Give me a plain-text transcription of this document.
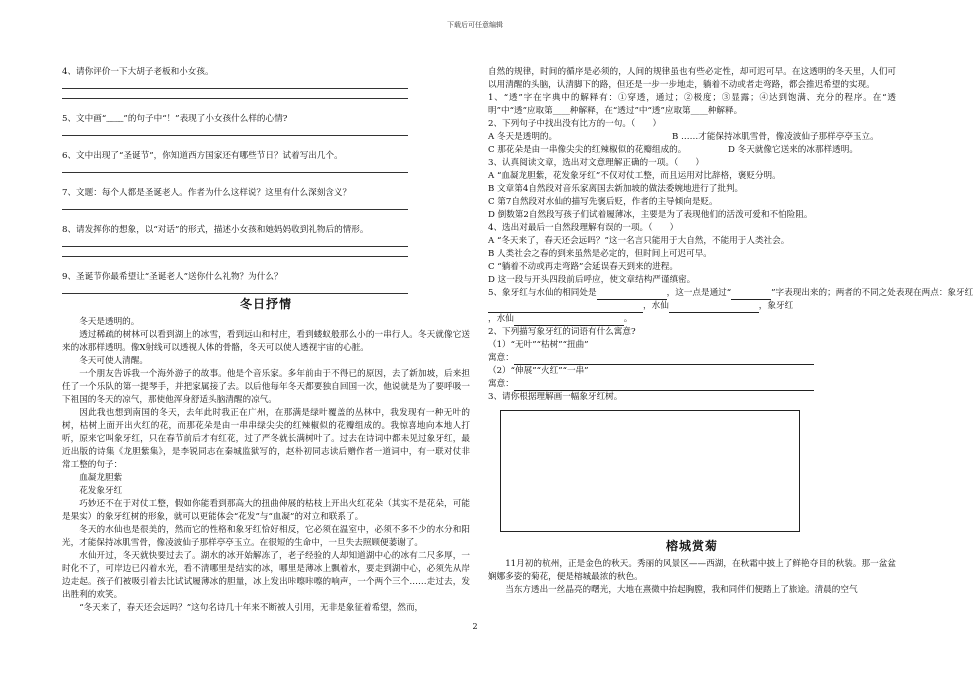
下载后可任意编辑

4、请你评价一下大胡子老板和小女孩。

5、文中画“﹏﹏”的句子中“！”表现了小女孩什么样的心情?

6、文中出现了“圣诞节”，你知道西方国家还有哪些节日？试着写出几个。

7、文题：每个人都是圣诞老人。作者为什么这样说？这里有什么深刻含义？

8、请发挥你的想象，以“对话”的形式，描述小女孩和她妈妈收到礼物后的情形。

9、圣诞节你最希望让“圣诞老人”送你什么礼物？为什么？

冬日抒情

冬天是透明的。

透过稀疏的树林可以看到湖上的冰雪，看到远山和村庄，看到蝼蚁般那么小的一串行人。冬天就像它送来的冰那样透明。像X射线可以透视人体的骨骼，冬天可以使人透视宇宙的心脏。

冬天可使人清醒。

一个朋友告诉我一个海外游子的故事。他是个音乐家。多年前由于不得已的原因，去了新加坡，后来担任了一个乐队的第一提琴手，并把家属接了去。以后他每年冬天都要独自回国一次，他说就是为了要呼吸一下祖国的冬天的凉气，那使他浑身舒适头脑清醒的凉气。

因此我也想到南国的冬天，去年此时我正在广州，在那满是绿叶覆盖的丛林中，我发现有一种无叶的树，枯树上面开出火红的花，而那花朵是由一串串绿尖尖的红辣椒似的花瓣组成的。我惊喜地向本地人打听，原来它叫象牙红，只在春节前后才有红花，过了严冬就长满树叶了。过去在诗词中都未见过象牙红，最近出版的诗集《龙胆紫集》，是李锐同志在秦城监狱写的，赵朴初同志读后赠作者一道词中，有一联对仗非常工整的句子：

血凝龙胆紫

花发象牙红

巧妙还不在于对仗工整，假如你能看到那高大的扭曲伸展的枯枝上开出火红花朵（其实不是花朵，可能是果实）的象牙红树的形象，就可以更能体会“花发”与“血凝”的对立和联系了。

冬天的水仙也是很美的，然而它的性格和象牙红恰好相反，它必须在温室中，必须不多不少的水分和阳光，才能保持冰肌雪骨，像凌波仙子那样亭亭玉立。在很短的生命中，一旦失去照顾便萎谢了。

水仙开过，冬天就快要过去了。湖水的冰开始解冻了，老子经验的人却知道湖中心的冰有二尺多厚，一时化不了，可岸边已闪着水光，看不清哪里是结实的冰，哪里是薄冰上飘着水，要走到湖中心，必须先从岸边走起。孩子们被吸引着去比试试履薄冰的胆量，冰上发出咔嚓咔嚓的响声，一个两个三个……走过去，发出胜利的欢笑。

“冬天来了，春天还会远吗？”这句名诗几十年来不断被人引用，无非是象征着希望，然而，

自然的规律，时间的循序是必须的，人间的规律虽也有些必定性，却可迟可早。在这透明的冬天里，人们可以用清醒的头脑，认清脚下的路，但还是一步一步地走，躺着不动或者走弯路，都会推迟希望的实现。

1、“透”字在字典中的解释有：①穿透，通过；②极度；③显露；④达到饱满、充分的程序。在“透明”中“透”应取第____种解释，在“透过”中“透”应取第____种解释。

2、下列句子中找出没有比方的一句。（　　）

A 冬天是透明的。	B ……才能保持冰肌雪骨，像凌波仙子那样亭亭玉立。
C 那花朵是由一串像尖尖的红辣椒似的花瓣组成的。	D 冬天就像它送来的冰那样透明。

3、认真阅读文章，选出对文意理解正确的一项。（　　）

A “血凝龙胆紫，花发象牙红”不仅对仗工整，而且运用对比辞格，褒贬分明。

B 文章第4自然段对音乐家离国去新加坡的做法委婉地进行了批判。

C 第7自然段对水仙的描写先褒后贬，作者的主导倾向是贬。

D 倒数第2自然段写孩子们试着履薄冰，主要是为了表现他们的活泼可爱和不怕险阻。

4、选出对最后一自然段理解有误的一项。（　　）

A “冬天来了，春天还会远吗？”这一名言只能用于大自然，不能用于人类社会。

B 人类社会之春的到来虽然是必定的，但时间上可迟可早。

C “躺着不动或再走弯路”会延误春天到来的进程。

D 这一段与开头四段前后呼应，使文章结构严谨缜密。

5、象牙红与水仙的相同处是	，这一点是通过“	”字表现出来的；两者的不同之处表现在两点：象牙红

，水仙	，象牙红

，水仙	。

2、下列描写象牙红的词语有什么寓意?

（1）“无叶”“枯树”“扭曲”

寓意：

（2）“伸展”“火红”“一串”

寓意：

3、请你根据理解画一幅象牙红树。

榕城赏菊

11月初的杭州，正是金色的秋天。秀丽的风景区——西湖，在秋霜中披上了鲜艳夺目的秋装。那一盆盆娴娜多姿的菊花，便是榕城最浓的秋色。

当东方透出一丝晶亮的曙光，大地在熹微中抬起胸膛，我和同伴们便踏上了旅途。清晨的空气

2
